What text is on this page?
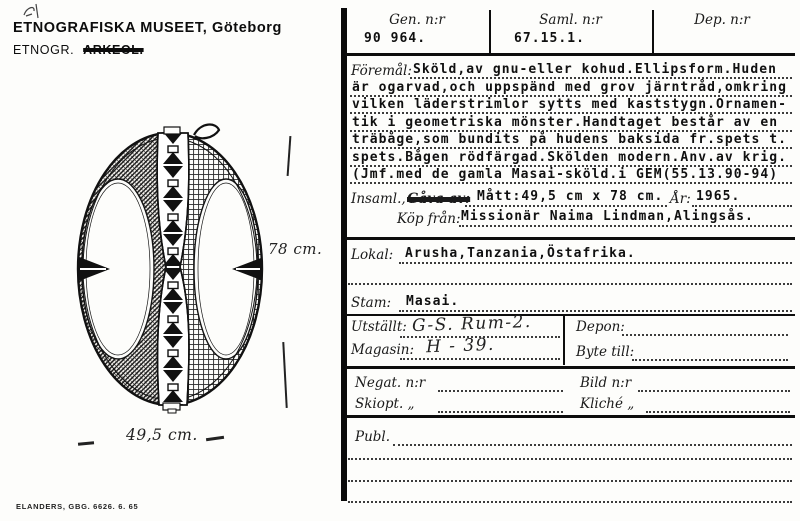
ETNOGRAFISKA MUSEET, Göteborg
ETNOGR. ARKEOL.
78 cm.
49,5 cm.
ELANDERS, GBG. 6626. 6. 65
Gen. n:r
90 964.
Saml. n:r
67.15.1.
Dep. n:r
Föremål: Sköld,av gnu-eller kohud.Ellipsform.Huden
är ogarvad,och uppspänd med grov järntråd,omkring
vilken läderstrimlor sytts med kaststygn.Ornamen-
tik i geometriska mönster.Handtaget består av en
träbåge,som bundits på hudens baksida fr.spets t.
spets.Bågen rödfärgad.Skölden modern.Anv.av krig.
(Jmf.med de gamla Masai-sköld.i GEM(55.13.90-94)
Insaml., Gåva av: Mått:49,5 cm x 78 cm. År: 1965.
Köp från: Missionär Naima Lindman,Alingsås.
Lokal: Arusha,Tanzania,Östafrika.
Stam: Masai.
Utställt: G-S. Rum-2.
Magasin: H - 39.
Depon:
Byte till:
Negat. n:r	Bild n:r
Skiopt. „	Kliché „
Publ.
